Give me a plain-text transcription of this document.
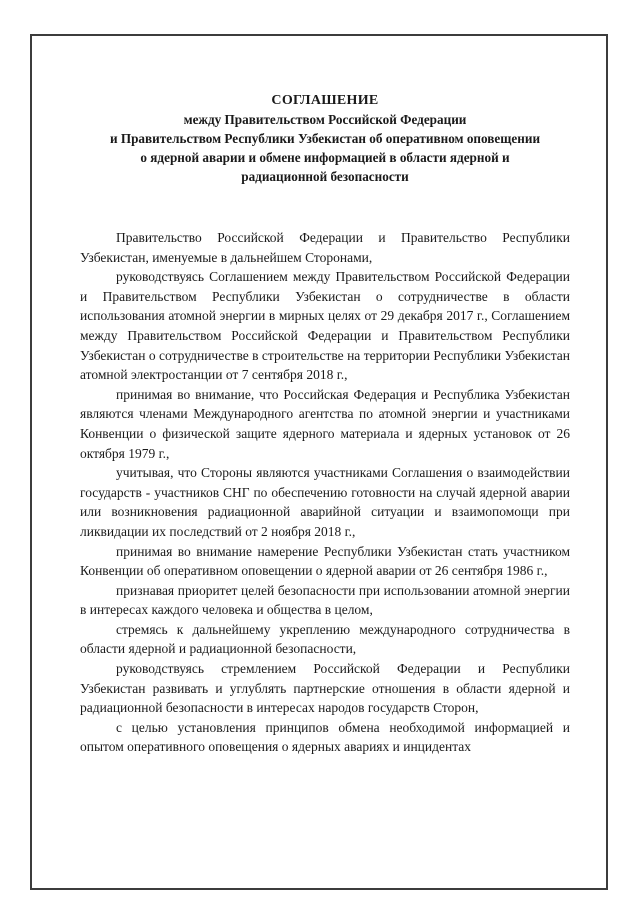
СОГЛАШЕНИЕ
между Правительством Российской Федерации
и Правительством Республики Узбекистан об оперативном оповещении
о ядерной аварии и обмене информацией в области ядерной и
радиационной безопасности

Правительство Российской Федерации и Правительство Республики Узбекистан, именуемые в дальнейшем Сторонами,

руководствуясь Соглашением между Правительством Российской Федерации и Правительством Республики Узбекистан о сотрудничестве в области использования атомной энергии в мирных целях от 29 декабря 2017 г., Соглашением между Правительством Российской Федерации и Правительством Республики Узбекистан о сотрудничестве в строительстве на территории Республики Узбекистан атомной электростанции от 7 сентября 2018 г.,

принимая во внимание, что Российская Федерация и Республика Узбекистан являются членами Международного агентства по атомной энергии и участниками Конвенции о физической защите ядерного материала и ядерных установок от 26 октября 1979 г.,

учитывая, что Стороны являются участниками Соглашения о взаимодействии государств - участников СНГ по обеспечению готовности на случай ядерной аварии или возникновения радиационной аварийной ситуации и взаимопомощи при ликвидации их последствий от 2 ноября 2018 г.,

принимая во внимание намерение Республики Узбекистан стать участником Конвенции об оперативном оповещении о ядерной аварии от 26 сентября 1986 г.,

признавая приоритет целей безопасности при использовании атомной энергии в интересах каждого человека и общества в целом,

стремясь к дальнейшему укреплению международного сотрудничества в области ядерной и радиационной безопасности,

руководствуясь стремлением Российской Федерации и Республики Узбекистан развивать и углублять партнерские отношения в области ядерной и радиационной безопасности в интересах народов государств Сторон,

с целью установления принципов обмена необходимой информацией и опытом оперативного оповещения о ядерных авариях и инцидентах
